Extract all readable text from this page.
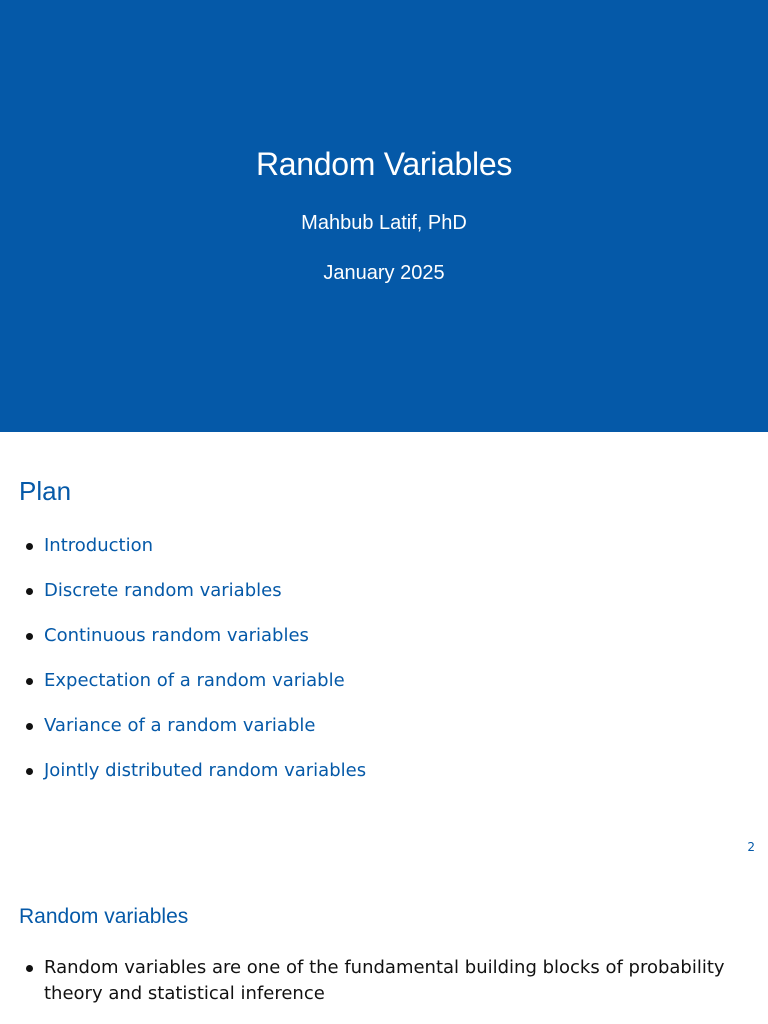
Random Variables
Mahbub Latif, PhD
January 2025
Plan
Introduction
Discrete random variables
Continuous random variables
Expectation of a random variable
Variance of a random variable
Jointly distributed random variables
2
Random variables
Random variables are one of the fundamental building blocks of probability theory and statistical inference
